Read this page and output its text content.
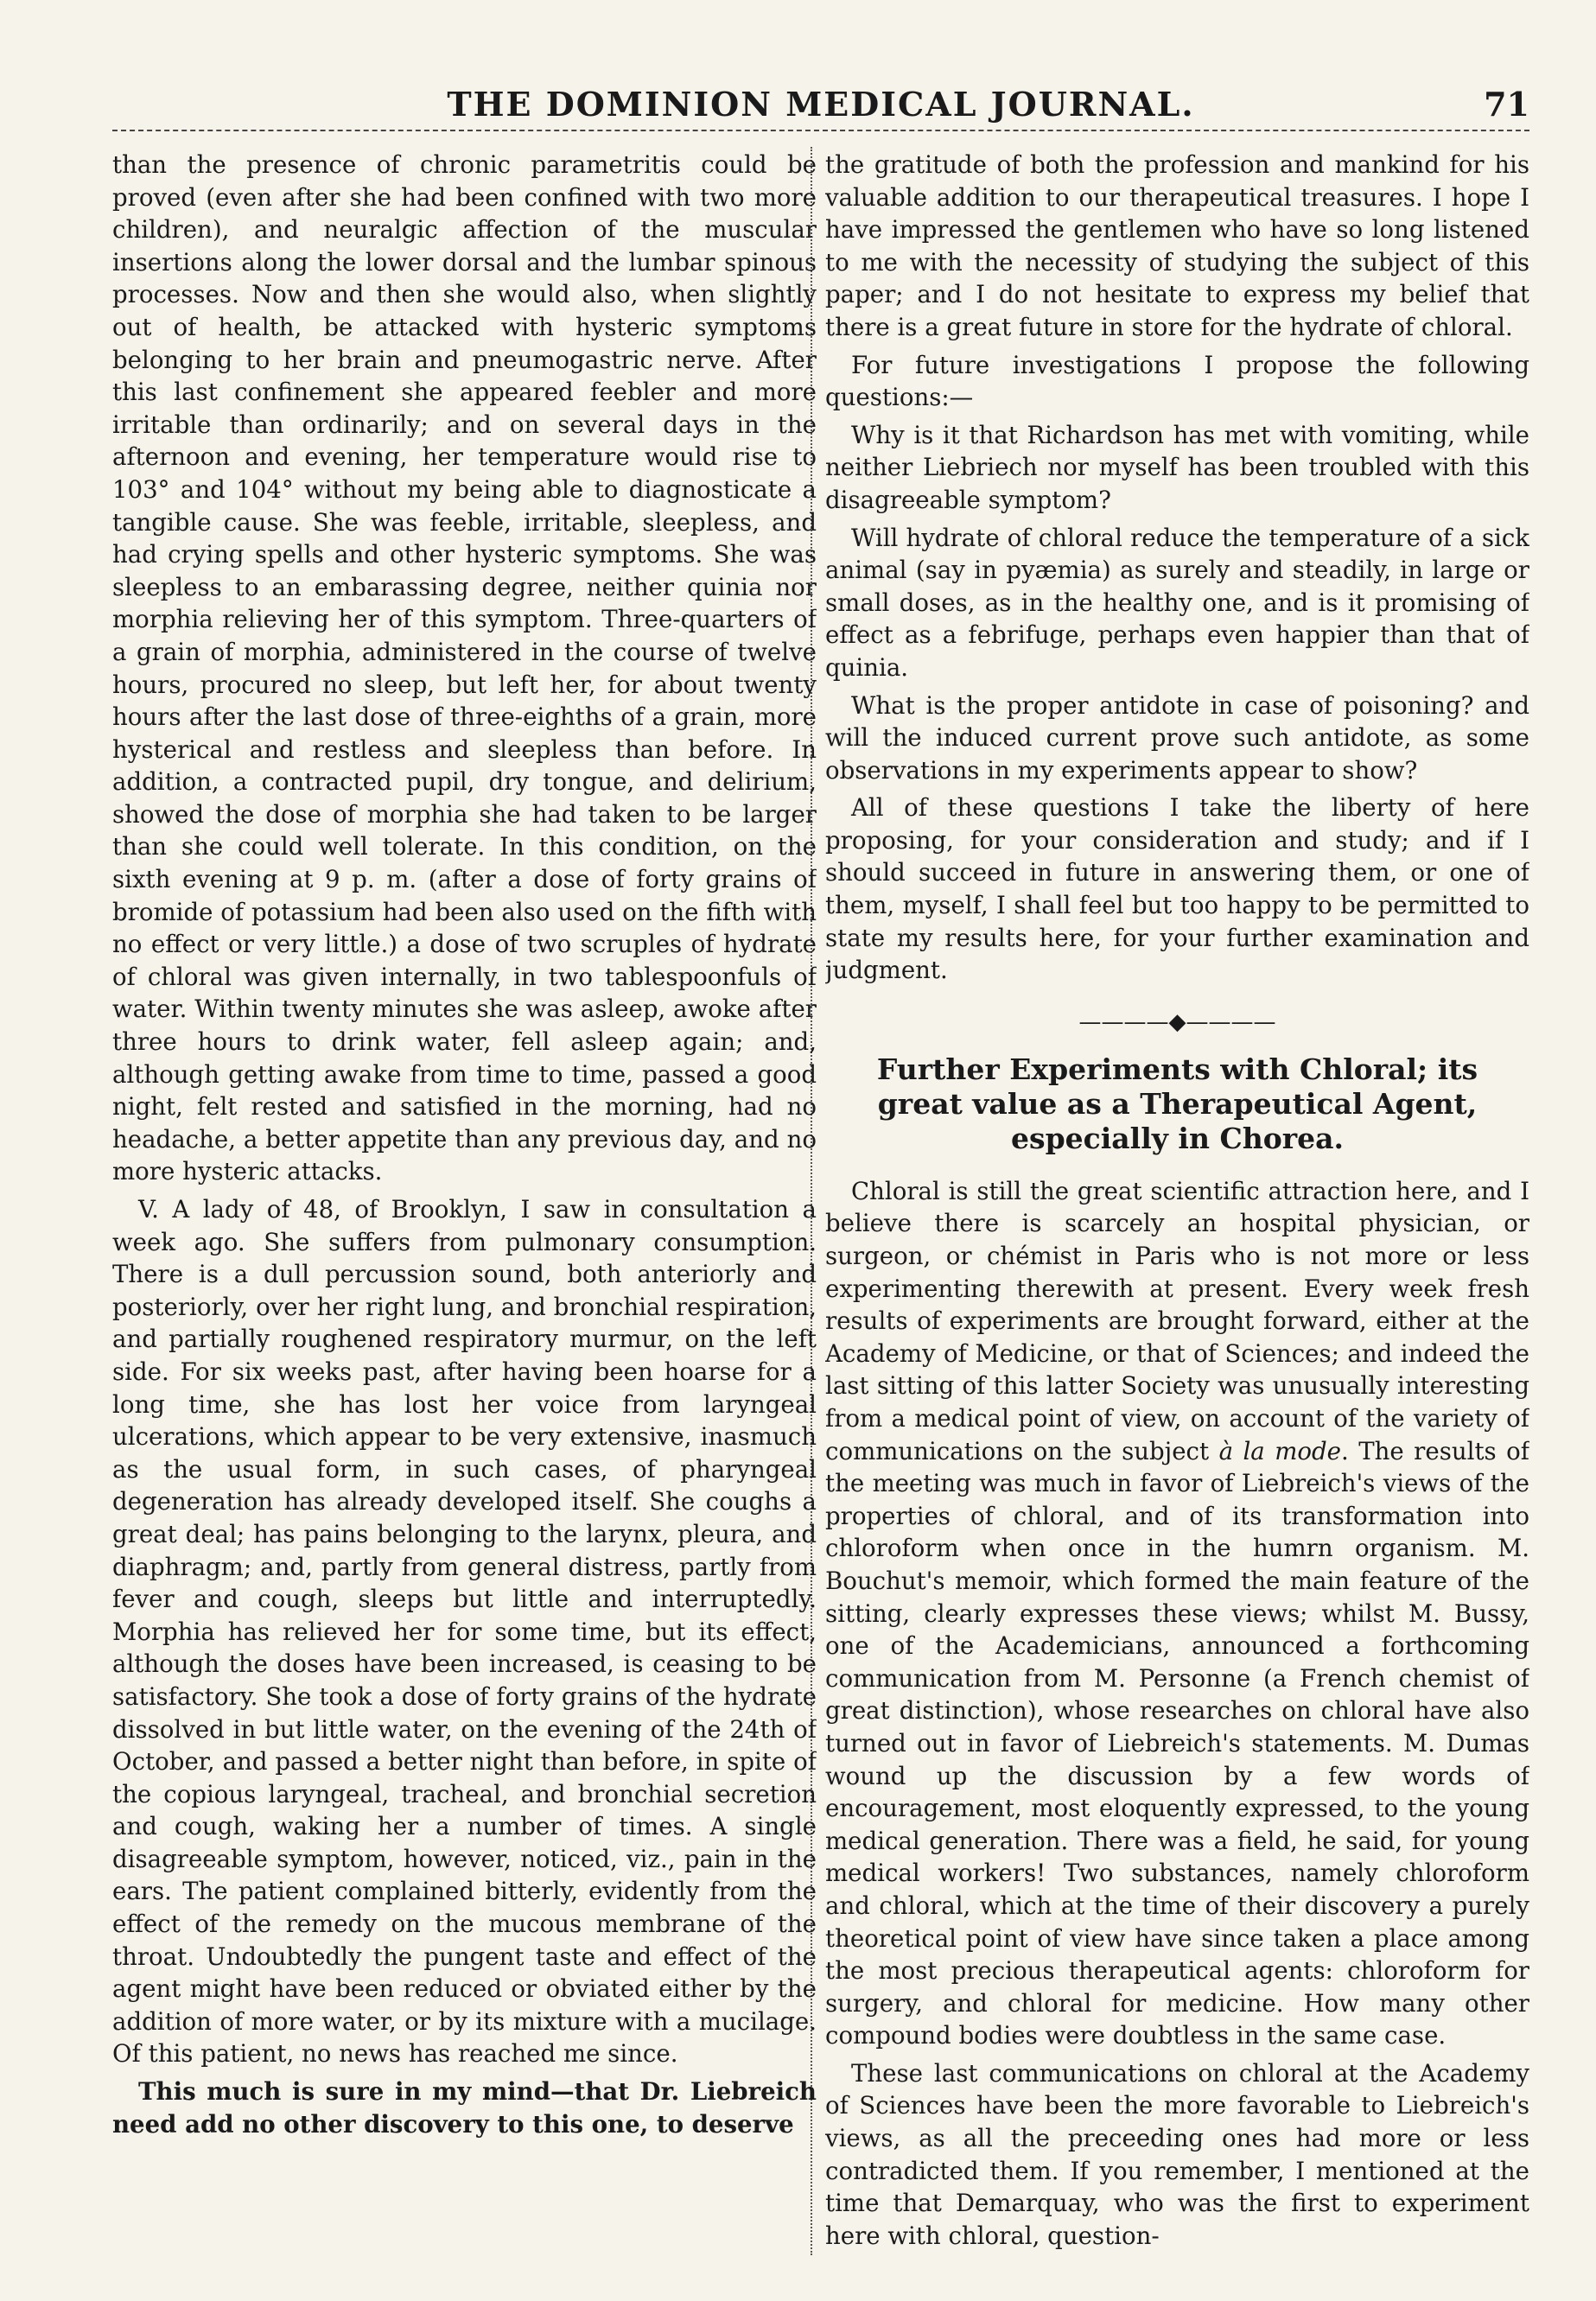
THE DOMINION MEDICAL JOURNAL.	71

than the presence of chronic parametritis could be proved (even after she had been confined with two more children), and neuralgic affection of the muscular insertions along the lower dorsal and the lumbar spinous processes. Now and then she would also, when slightly out of health, be attacked with hysteric symptoms belonging to her brain and pneumogastric nerve. After this last confinement she appeared feebler and more irritable than ordinarily; and on several days in the afternoon and evening, her temperature would rise to 103° and 104° without my being able to diagnosticate a tangible cause. She was feeble, irritable, sleepless, and had crying spells and other hysteric symptoms. She was sleepless to an embarassing degree, neither quinia nor morphia relieving her of this symptom. Three-quarters of a grain of morphia, administered in the course of twelve hours, procured no sleep, but left her, for about twenty hours after the last dose of three-eighths of a grain, more hysterical and restless and sleepless than before. In addition, a contracted pupil, dry tongue, and delirium, showed the dose of morphia she had taken to be larger than she could well tolerate. In this condition, on the sixth evening at 9 p. m. (after a dose of forty grains of bromide of potassium had been also used on the fifth with no effect or very little.) a dose of two scruples of hydrate of chloral was given internally, in two tablespoonfuls of water. Within twenty minutes she was asleep, awoke after three hours to drink water, fell asleep again; and, although getting awake from time to time, passed a good night, felt rested and satisfied in the morning, had no headache, a better appetite than any previous day, and no more hysteric attacks.

V. A lady of 48, of Brooklyn, I saw in consultation a week ago. She suffers from pulmonary consumption. There is a dull percussion sound, both anteriorly and posteriorly, over her right lung, and bronchial respiration, and partially roughened respiratory murmur, on the left side. For six weeks past, after having been hoarse for a long time, she has lost her voice from laryngeal ulcerations, which appear to be very extensive, inasmuch as the usual form, in such cases, of pharyngeal degeneration has already developed itself. She coughs a great deal; has pains belonging to the larynx, pleura, and diaphragm; and, partly from general distress, partly from fever and cough, sleeps but little and interruptedly. Morphia has relieved her for some time, but its effect, although the doses have been increased, is ceasing to be satisfactory. She took a dose of forty grains of the hydrate dissolved in but little water, on the evening of the 24th of October, and passed a better night than before, in spite of the copious laryngeal, tracheal, and bronchial secretion and cough, waking her a number of times. A single disagreeable symptom, however, noticed, viz., pain in the ears. The patient complained bitterly, evidently from the effect of the remedy on the mucous membrane of the throat. Undoubtedly the pungent taste and effect of the agent might have been reduced or obviated either by the addition of more water, or by its mixture with a mucilage. Of this patient, no news has reached me since.

This much is sure in my mind—that Dr. Liebreich need add no other discovery to this one, to deserve

the gratitude of both the profession and mankind for his valuable addition to our therapeutical treasures. I hope I have impressed the gentlemen who have so long listened to me with the necessity of studying the subject of this paper; and I do not hesitate to express my belief that there is a great future in store for the hydrate of chloral.

For future investigations I propose the following questions:—

Why is it that Richardson has met with vomiting, while neither Liebriech nor myself has been troubled with this disagreeable symptom?

Will hydrate of chloral reduce the temperature of a sick animal (say in pyæmia) as surely and steadily, in large or small doses, as in the healthy one, and is it promising of effect as a febrifuge, perhaps even happier than that of quinia.

What is the proper antidote in case of poisoning? and will the induced current prove such antidote, as some observations in my experiments appear to show?

All of these questions I take the liberty of here proposing, for your consideration and study; and if I should succeed in future in answering them, or one of them, myself, I shall feel but too happy to be permitted to state my results here, for your further examination and judgment.

————◆————
Further Experiments with Chloral; its great value as a Therapeutical Agent, especially in Chorea.

Chloral is still the great scientific attraction here, and I believe there is scarcely an hospital physician, or surgeon, or chémist in Paris who is not more or less experimenting therewith at present. Every week fresh results of experiments are brought forward, either at the Academy of Medicine, or that of Sciences; and indeed the last sitting of this latter Society was unusually interesting from a medical point of view, on account of the variety of communications on the subject à la mode. The results of the meeting was much in favor of Liebreich's views of the properties of chloral, and of its transformation into chloroform when once in the humrn organism. M. Bouchut's memoir, which formed the main feature of the sitting, clearly expresses these views; whilst M. Bussy, one of the Academicians, announced a forthcoming communication from M. Personne (a French chemist of great distinction), whose researches on chloral have also turned out in favor of Liebreich's statements. M. Dumas wound up the discussion by a few words of encouragement, most eloquently expressed, to the young medical generation. There was a field, he said, for young medical workers! Two substances, namely chloroform and chloral, which at the time of their discovery a purely theoretical point of view have since taken a place among the most precious therapeutical agents: chloroform for surgery, and chloral for medicine. How many other compound bodies were doubtless in the same case.

These last communications on chloral at the Academy of Sciences have been the more favorable to Liebreich's views, as all the preceeding ones had more or less contradicted them. If you remember, I mentioned at the time that Demarquay, who was the first to experiment here with chloral, question-
